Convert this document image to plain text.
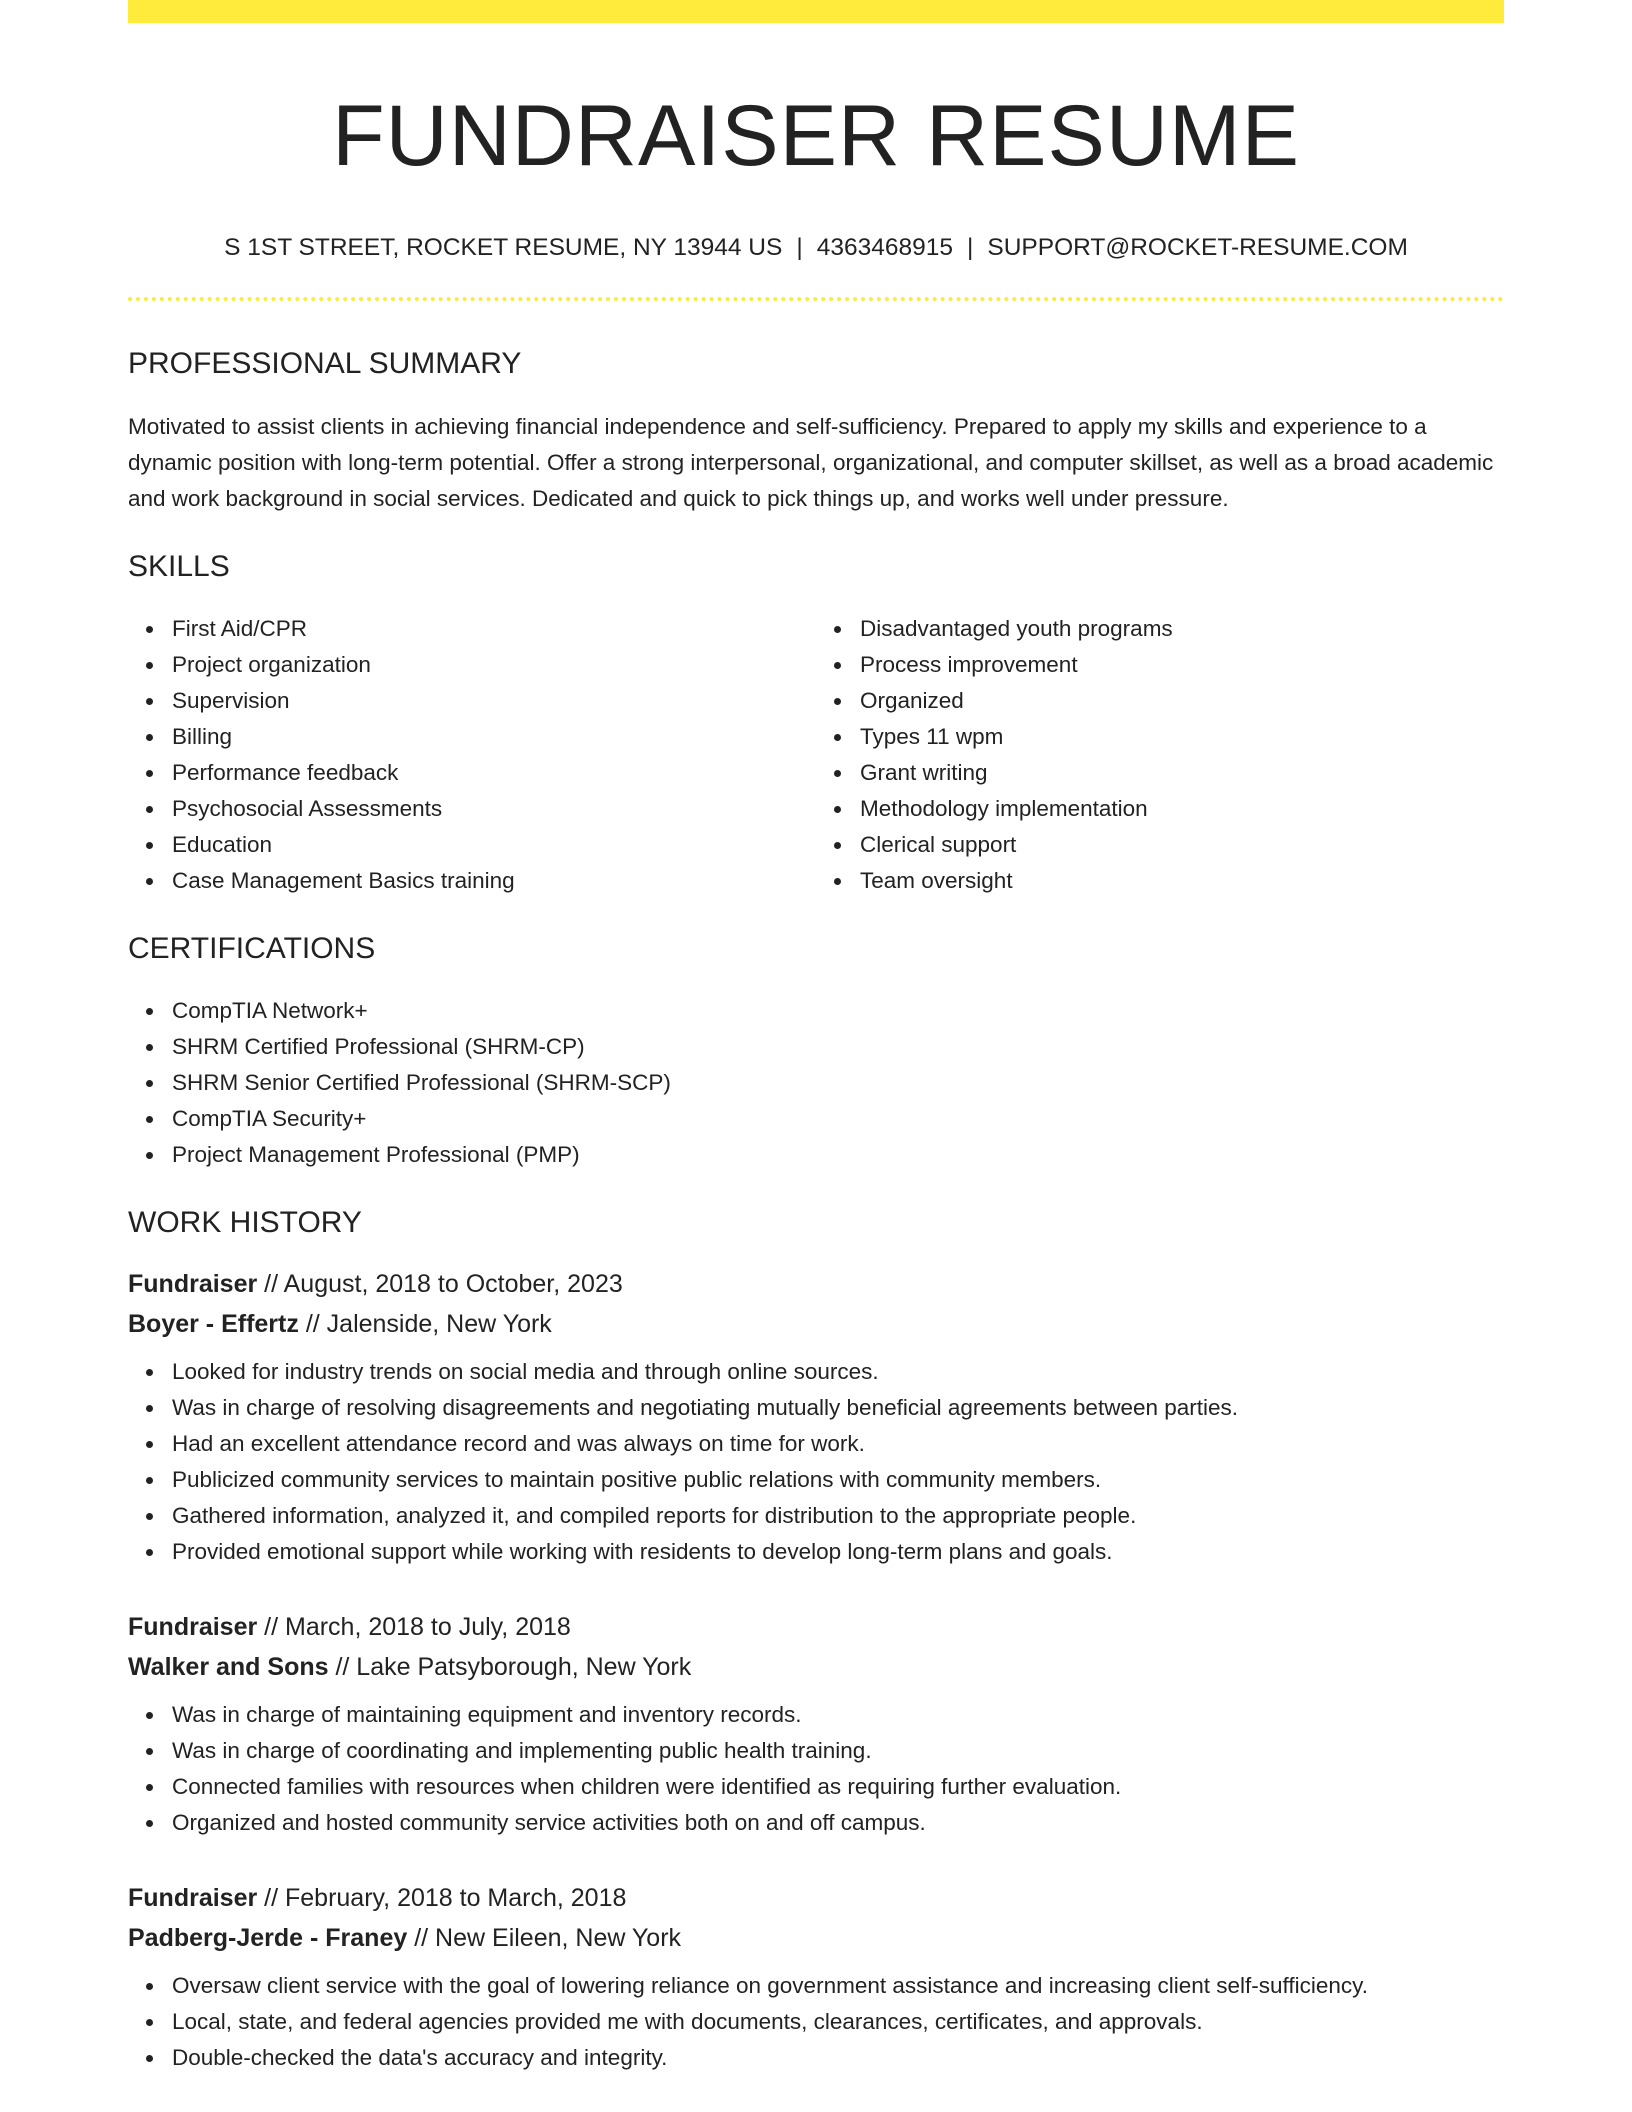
FUNDRAISER RESUME
S 1ST STREET, ROCKET RESUME, NY 13944 US | 4363468915 | SUPPORT@ROCKET-RESUME.COM
PROFESSIONAL SUMMARY

Motivated to assist clients in achieving financial independence and self-sufficiency. Prepared to apply my skills and experience to a dynamic position with long-term potential. Offer a strong interpersonal, organizational, and computer skillset, as well as a broad academic and work background in social services. Dedicated and quick to pick things up, and works well under pressure.

SKILLS
First Aid/CPR
Project organization
Supervision
Billing
Performance feedback
Psychosocial Assessments
Education
Case Management Basics training
Disadvantaged youth programs
Process improvement
Organized
Types 11 wpm
Grant writing
Methodology implementation
Clerical support
Team oversight
CERTIFICATIONS
CompTIA Network+
SHRM Certified Professional (SHRM-CP)
SHRM Senior Certified Professional (SHRM-SCP)
CompTIA Security+
Project Management Professional (PMP)
WORK HISTORY
Fundraiser // August, 2018 to October, 2023
Boyer - Effertz // Jalenside, New York
Looked for industry trends on social media and through online sources.
Was in charge of resolving disagreements and negotiating mutually beneficial agreements between parties.
Had an excellent attendance record and was always on time for work.
Publicized community services to maintain positive public relations with community members.
Gathered information, analyzed it, and compiled reports for distribution to the appropriate people.
Provided emotional support while working with residents to develop long-term plans and goals.
Fundraiser // March, 2018 to July, 2018
Walker and Sons // Lake Patsyborough, New York
Was in charge of maintaining equipment and inventory records.
Was in charge of coordinating and implementing public health training.
Connected families with resources when children were identified as requiring further evaluation.
Organized and hosted community service activities both on and off campus.
Fundraiser // February, 2018 to March, 2018
Padberg-Jerde - Franey // New Eileen, New York
Oversaw client service with the goal of lowering reliance on government assistance and increasing client self-sufficiency.
Local, state, and federal agencies provided me with documents, clearances, certificates, and approvals.
Double-checked the data's accuracy and integrity.
